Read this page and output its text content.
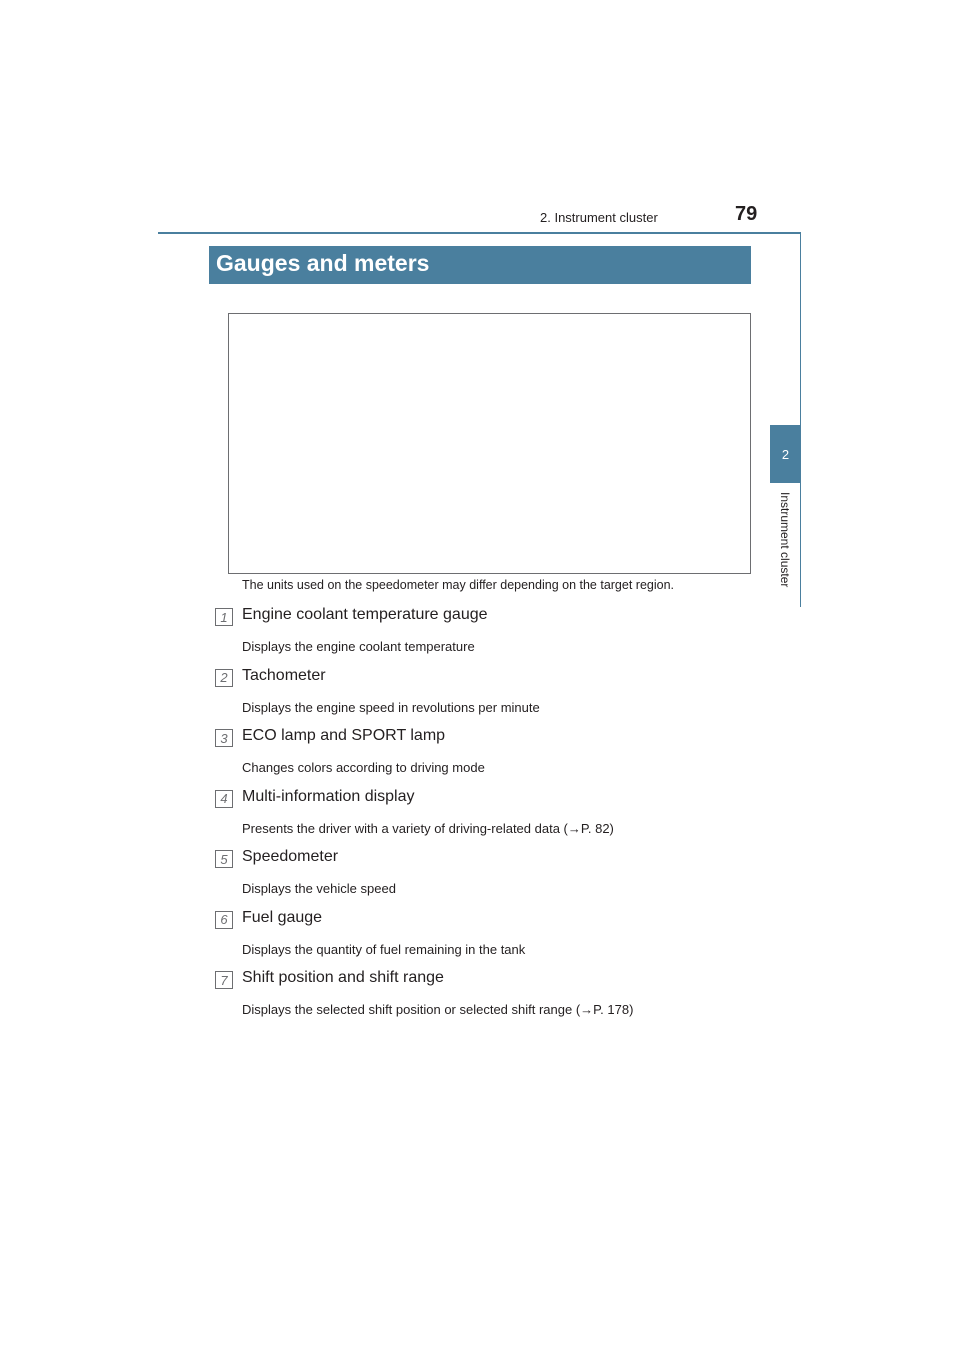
2. Instrument cluster	79
2
Instrument cluster
Gauges and meters
The units used on the speedometer may differ depending on the target region.
1 Engine coolant temperature gauge
Displays the engine coolant temperature
2 Tachometer
Displays the engine speed in revolutions per minute
3 ECO lamp and SPORT lamp
Changes colors according to driving mode
4 Multi-information display
Presents the driver with a variety of driving-related data (→P. 82)
5 Speedometer
Displays the vehicle speed
6 Fuel gauge
Displays the quantity of fuel remaining in the tank
7 Shift position and shift range
Displays the selected shift position or selected shift range (→P. 178)
